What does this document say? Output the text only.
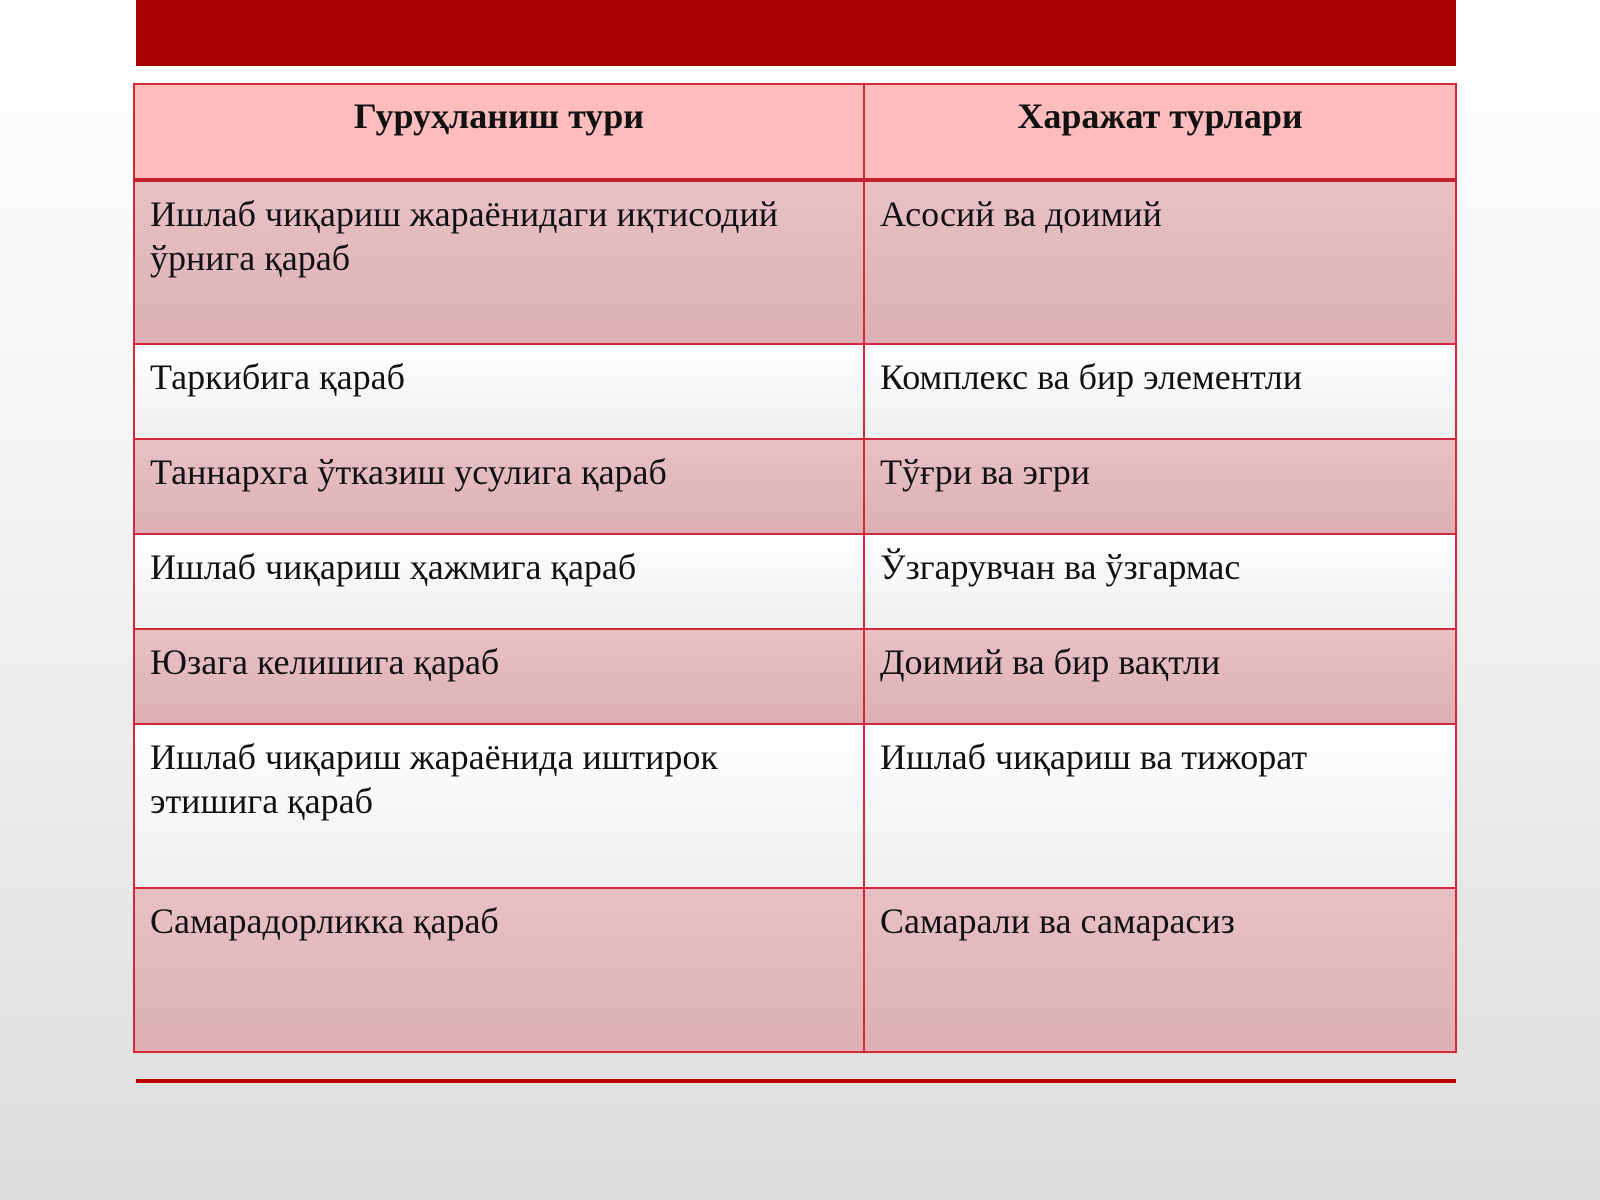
Гуруҳланиш тури	Харажат турлари
Ишлаб чиқариш жараёнидаги иқтисодий ўрнига қараб	Асосий ва доимий
Таркибига қараб	Комплекс ва бир элементли
Таннархга ўтказиш усулига қараб	Тўғри ва эгри
Ишлаб чиқариш ҳажмига қараб	Ўзгарувчан ва ўзгармас
Юзага келишига қараб	Доимий ва бир вақтли
Ишлаб чиқариш жараёнида иштирок этишига қараб	Ишлаб чиқариш ва тижорат
Самарадорликка қараб	Самарали ва самарасиз
